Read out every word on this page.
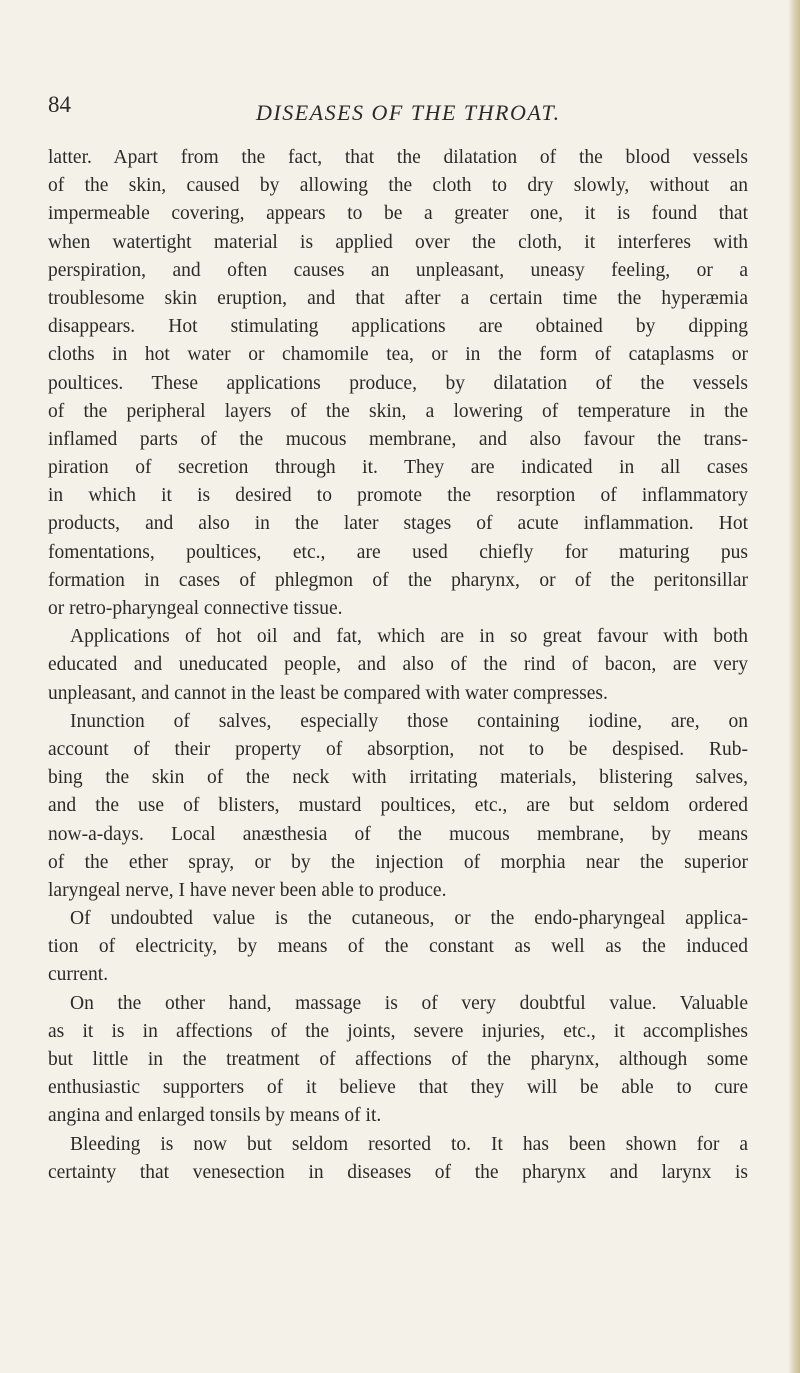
84	DISEASES OF THE THROAT.
latter. Apart from the fact, that the dilatation of the blood vessels
of the skin, caused by allowing the cloth to dry slowly, without an
impermeable covering, appears to be a greater one, it is found that
when watertight material is applied over the cloth, it interferes with
perspiration, and often causes an unpleasant, uneasy feeling, or a
troublesome skin eruption, and that after a certain time the hyperæmia
disappears. Hot stimulating applications are obtained by dipping
cloths in hot water or chamomile tea, or in the form of cataplasms or
poultices. These applications produce, by dilatation of the vessels
of the peripheral layers of the skin, a lowering of temperature in the
inflamed parts of the mucous membrane, and also favour the trans-
piration of secretion through it. They are indicated in all cases
in which it is desired to promote the resorption of inflammatory
products, and also in the later stages of acute inflammation. Hot
fomentations, poultices, etc., are used chiefly for maturing pus
formation in cases of phlegmon of the pharynx, or of the peritonsillar
or retro-pharyngeal connective tissue.
Applications of hot oil and fat, which are in so great favour with both
educated and uneducated people, and also of the rind of bacon, are very
unpleasant, and cannot in the least be compared with water compresses.
Inunction of salves, especially those containing iodine, are, on
account of their property of absorption, not to be despised. Rub-
bing the skin of the neck with irritating materials, blistering salves,
and the use of blisters, mustard poultices, etc., are but seldom ordered
now-a-days. Local anæsthesia of the mucous membrane, by means
of the ether spray, or by the injection of morphia near the superior
laryngeal nerve, I have never been able to produce.
Of undoubted value is the cutaneous, or the endo-pharyngeal applica-
tion of electricity, by means of the constant as well as the induced
current.
On the other hand, massage is of very doubtful value. Valuable
as it is in affections of the joints, severe injuries, etc., it accomplishes
but little in the treatment of affections of the pharynx, although some
enthusiastic supporters of it believe that they will be able to cure
angina and enlarged tonsils by means of it.
Bleeding is now but seldom resorted to. It has been shown for a
certainty that venesection in diseases of the pharynx and larynx is
